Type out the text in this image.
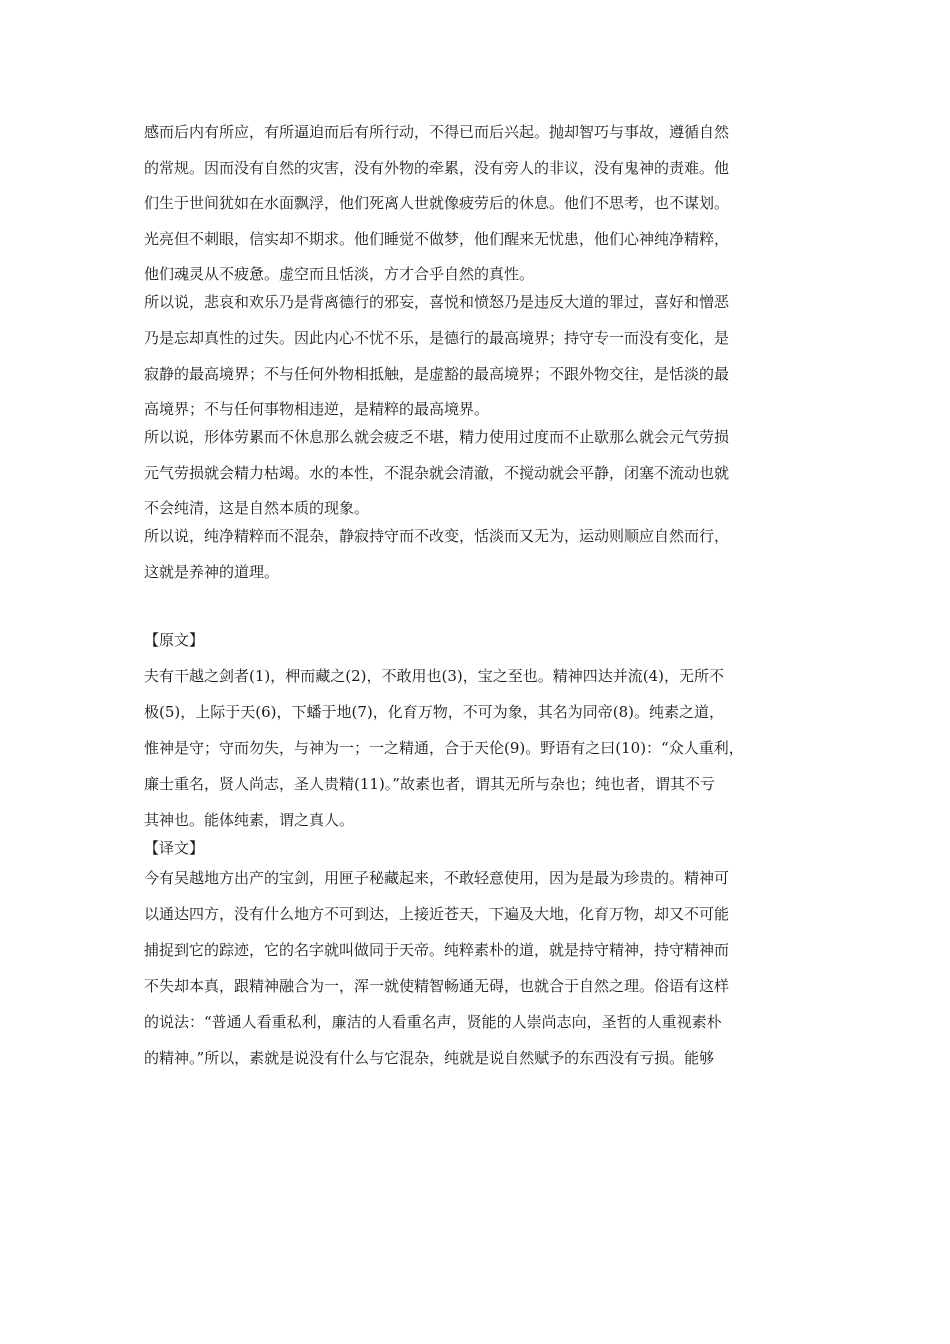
感而后内有所应，有所逼迫而后有所行动，不得已而后兴起。抛却智巧与事故，遵循自然
的常规。因而没有自然的灾害，没有外物的牵累，没有旁人的非议，没有鬼神的责难。他
们生于世间犹如在水面飘浮，他们死离人世就像疲劳后的休息。他们不思考，也不谋划。
光亮但不刺眼，信实却不期求。他们睡觉不做梦，他们醒来无忧患，他们心神纯净精粹，
他们魂灵从不疲惫。虚空而且恬淡，方才合乎自然的真性。
所以说，悲哀和欢乐乃是背离德行的邪妄，喜悦和愤怒乃是违反大道的罪过，喜好和憎恶
乃是忘却真性的过失。因此内心不忧不乐，是德行的最高境界；持守专一而没有变化，是
寂静的最高境界；不与任何外物相抵触，是虚豁的最高境界；不跟外物交往，是恬淡的最
高境界；不与任何事物相违逆，是精粹的最高境界。
所以说，形体劳累而不休息那么就会疲乏不堪，精力使用过度而不止歇那么就会元气劳损
元气劳损就会精力枯竭。水的本性，不混杂就会清澈，不搅动就会平静，闭塞不流动也就
不会纯清，这是自然本质的现象。
所以说，纯净精粹而不混杂，静寂持守而不改变，恬淡而又无为，运动则顺应自然而行，
这就是养神的道理。
【原文】
夫有干越之剑者(1)，柙而藏之(2)，不敢用也(3)，宝之至也。精神四达并流(4)，无所不
极(5)，上际于天(6)，下蟠于地(7)，化育万物，不可为象，其名为同帝(8)。纯素之道，
惟神是守；守而勿失，与神为一；一之精通，合于天伦(9)。野语有之曰(10)：“众人重利，
廉士重名，贤人尚志，圣人贵精(11)。”故素也者，谓其无所与杂也；纯也者，谓其不亏
其神也。能体纯素，谓之真人。
【译文】
今有吴越地方出产的宝剑，用匣子秘藏起来，不敢轻意使用，因为是最为珍贵的。精神可
以通达四方，没有什么地方不可到达，上接近苍天，下遍及大地，化育万物，却又不可能
捕捉到它的踪迹，它的名字就叫做同于天帝。纯粹素朴的道，就是持守精神，持守精神而
不失却本真，跟精神融合为一，浑一就使精智畅通无碍，也就合于自然之理。俗语有这样
的说法：“普通人看重私利，廉洁的人看重名声，贤能的人崇尚志向，圣哲的人重视素朴
的精神。”所以，素就是说没有什么与它混杂，纯就是说自然赋予的东西没有亏损。能够
